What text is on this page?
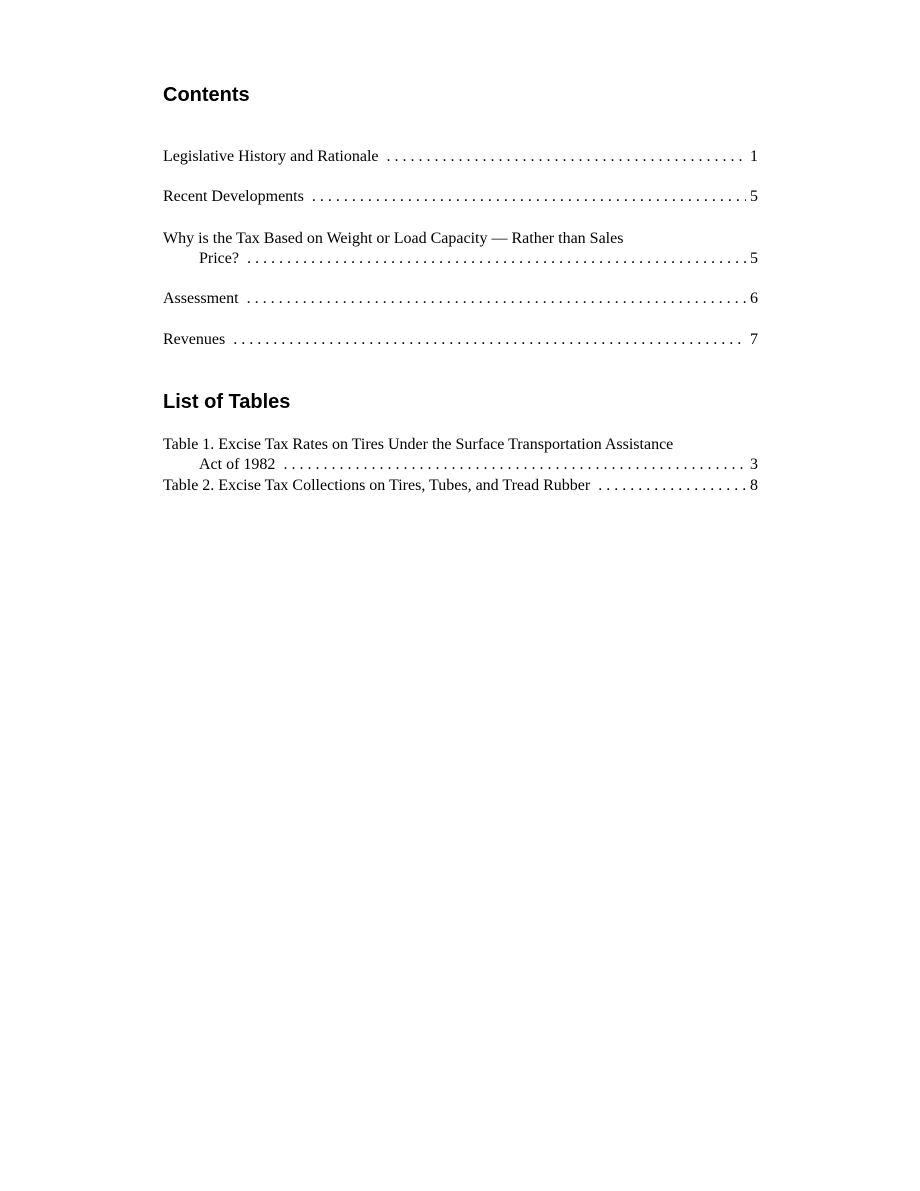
Contents
Legislative History and Rationale . . .	1
Recent Developments . . .	5
Why is the Tax Based on Weight or Load Capacity — Rather than Sales
Price? . . .	5
Assessment . . .	6
Revenues . . .	7
List of Tables
Table 1. Excise Tax Rates on Tires Under the Surface Transportation Assistance
Act of 1982 . . .	3
Table 2. Excise Tax Collections on Tires, Tubes, and Tread Rubber . . .	8
